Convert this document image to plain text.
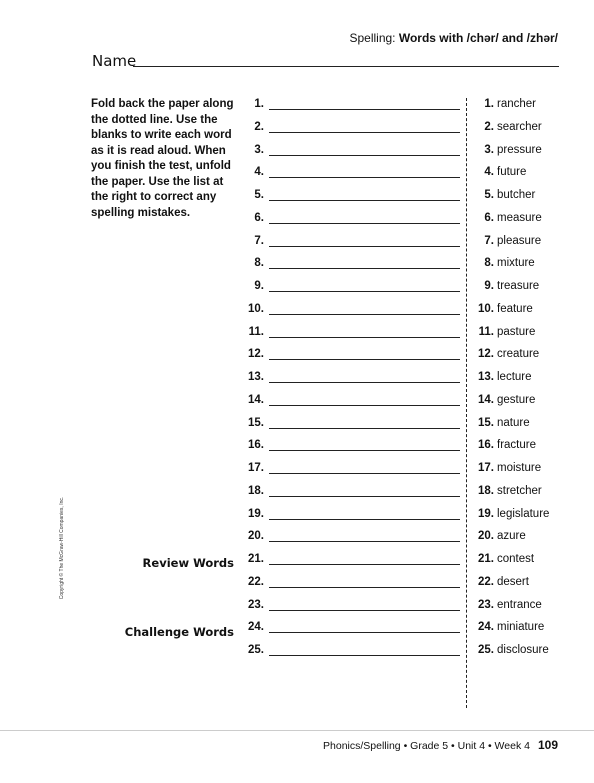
Spelling: Words with /chər/ and /zhər/
Name
Fold back the paper along the dotted line. Use the blanks to write each word as it is read aloud. When you finish the test, unfold the paper. Use the list at the right to correct any spelling mistakes.
Review Words
Challenge Words
1.
2.
3.
4.
5.
6.
7.
8.
9.
10.
11.
12.
13.
14.
15.
16.
17.
18.
19.
20.
21.
22.
23.
24.
25.
1. rancher
2. searcher
3. pressure
4. future
5. butcher
6. measure
7. pleasure
8. mixture
9. treasure
10. feature
11. pasture
12. creature
13. lecture
14. gesture
15. nature
16. fracture
17. moisture
18. stretcher
19. legislature
20. azure
21. contest
22. desert
23. entrance
24. miniature
25. disclosure
Copyright © The McGraw-Hill Companies, Inc.
Phonics/Spelling • Grade 5 • Unit 4 • Week 4 109
